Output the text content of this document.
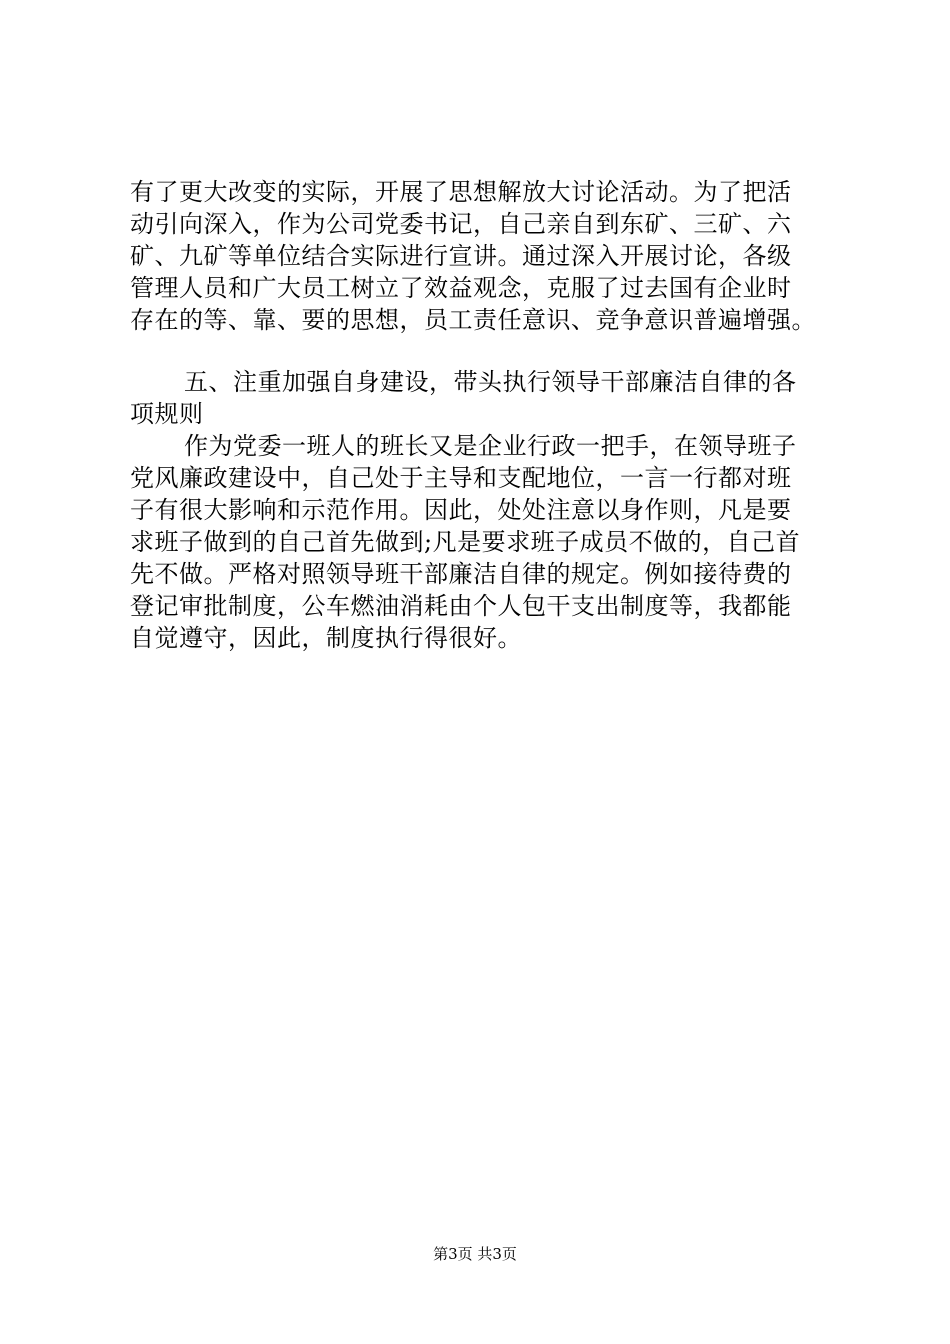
有了更大改变的实际，开展了思想解放大讨论活动。为了把活
动引向深入，作为公司党委书记，自己亲自到东矿、三矿、六
矿、九矿等单位结合实际进行宣讲。通过深入开展讨论，各级
管理人员和广大员工树立了效益观念，克服了过去国有企业时
存在的等、靠、要的思想，员工责任意识、竞争意识普遍增强。
五、注重加强自身建设，带头执行领导干部廉洁自律的各
项规则
作为党委一班人的班长又是企业行政一把手，在领导班子
党风廉政建设中，自己处于主导和支配地位，一言一行都对班
子有很大影响和示范作用。因此，处处注意以身作则，凡是要
求班子做到的自己首先做到;凡是要求班子成员不做的，自己首
先不做。严格对照领导班干部廉洁自律的规定。例如接待费的
登记审批制度，公车燃油消耗由个人包干支出制度等，我都能
自觉遵守，因此，制度执行得很好。
第3页 共3页
